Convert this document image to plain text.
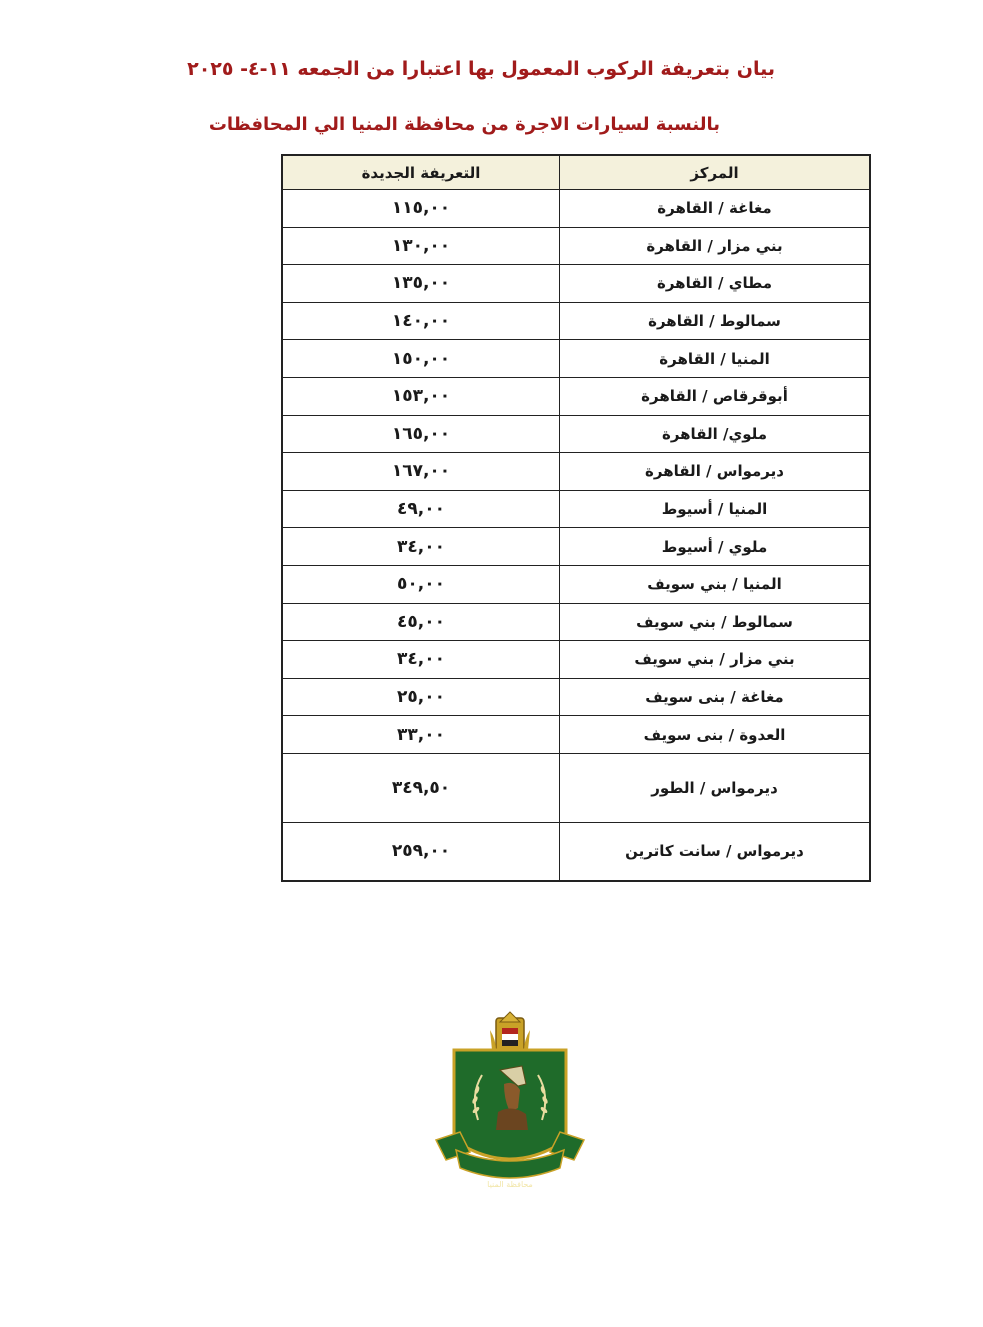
بيان بتعريفة الركوب المعمول بها اعتبارا من الجمعه ١١-٤- ٢٠٢٥
بالنسبة لسيارات الاجرة من محافظة المنيا الي المحافظات
التعريفة الجديدة	المركز
١١٥,٠٠	مغاغة / القاهرة
١٣٠,٠٠	بني مزار / القاهرة
١٣٥,٠٠	مطاي / القاهرة
١٤٠,٠٠	سمالوط / القاهرة
١٥٠,٠٠	المنيا / القاهرة
١٥٣,٠٠	أبوقرقاص / القاهرة
١٦٥,٠٠	ملوي/ القاهرة
١٦٧,٠٠	ديرمواس / القاهرة
٤٩,٠٠	المنيا / أسيوط
٣٤,٠٠	ملوي / أسيوط
٥٠,٠٠	المنيا / بني سويف
٤٥,٠٠	سمالوط / بني سويف
٣٤,٠٠	بني مزار / بني سويف
٢٥,٠٠	مغاغة / بنى سويف
٣٣,٠٠	العدوة / بنى سويف
٣٤٩,٥٠	ديرمواس / الطور
٢٥٩,٠٠	ديرمواس / سانت كاترين
محافظة المنيا
